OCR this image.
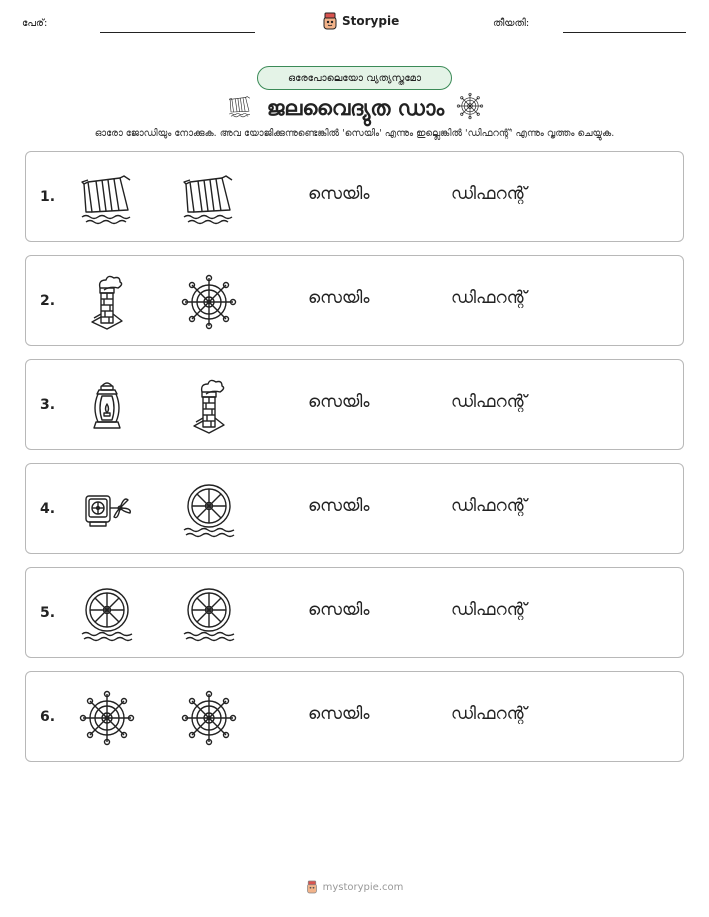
പേര്:	Storypie	തീയതി:
ഒരേപോലെയോ വ്യത്യസ്തമോ
ജലവൈദ്യുത ഡാം
ഓരോ ജോഡിയും നോക്കുക. അവ യോജിക്കുന്നുണ്ടെങ്കിൽ 'സെയിം' എന്നും ഇല്ലെങ്കിൽ 'ഡിഫറന്റ്' എന്നും വൃത്തം ചെയ്യുക.
1.	സെയിം	ഡിഫറന്റ്
2.	സെയിം	ഡിഫറന്റ്
3.	സെയിം	ഡിഫറന്റ്
4.	സെയിം	ഡിഫറന്റ്
5.	സെയിം	ഡിഫറന്റ്
6.	സെയിം	ഡിഫറന്റ്
mystorypie.com
